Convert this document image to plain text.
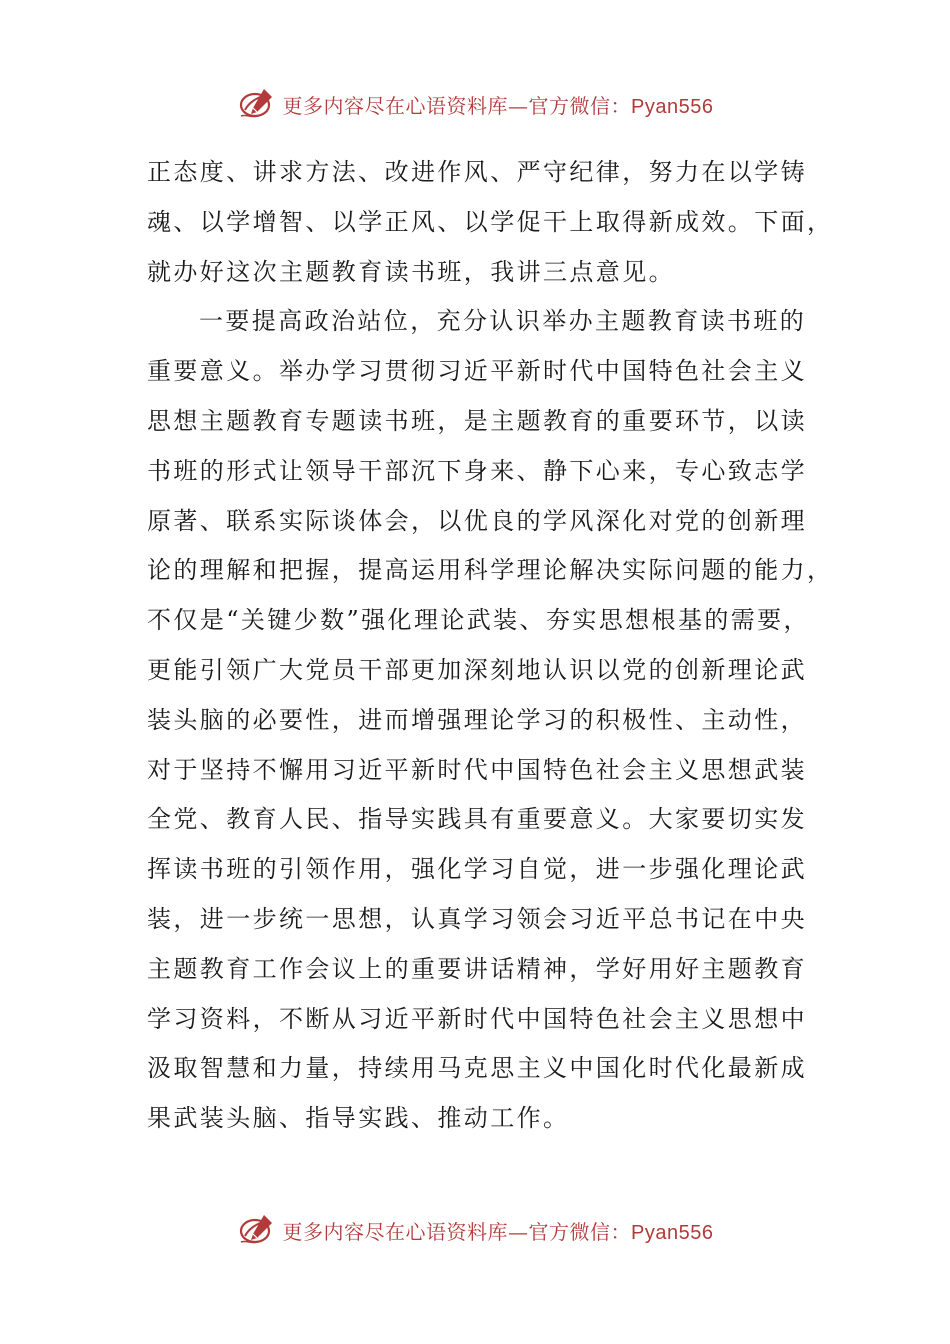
更多内容尽在心语资料库—官方微信：Pyan556
正态度、讲求方法、改进作风、严守纪律，努力在以学铸
魂、以学增智、以学正风、以学促干上取得新成效。下面，
就办好这次主题教育读书班，我讲三点意见。
一要提高政治站位，充分认识举办主题教育读书班的
重要意义。举办学习贯彻习近平新时代中国特色社会主义
思想主题教育专题读书班，是主题教育的重要环节，以读
书班的形式让领导干部沉下身来、静下心来，专心致志学
原著、联系实际谈体会，以优良的学风深化对党的创新理
论的理解和把握，提高运用科学理论解决实际问题的能力，
不仅是“关键少数”强化理论武装、夯实思想根基的需要，
更能引领广大党员干部更加深刻地认识以党的创新理论武
装头脑的必要性，进而增强理论学习的积极性、主动性，
对于坚持不懈用习近平新时代中国特色社会主义思想武装
全党、教育人民、指导实践具有重要意义。大家要切实发
挥读书班的引领作用，强化学习自觉，进一步强化理论武
装，进一步统一思想，认真学习领会习近平总书记在中央
主题教育工作会议上的重要讲话精神，学好用好主题教育
学习资料，不断从习近平新时代中国特色社会主义思想中
汲取智慧和力量，持续用马克思主义中国化时代化最新成
果武装头脑、指导实践、推动工作。
更多内容尽在心语资料库—官方微信：Pyan556
